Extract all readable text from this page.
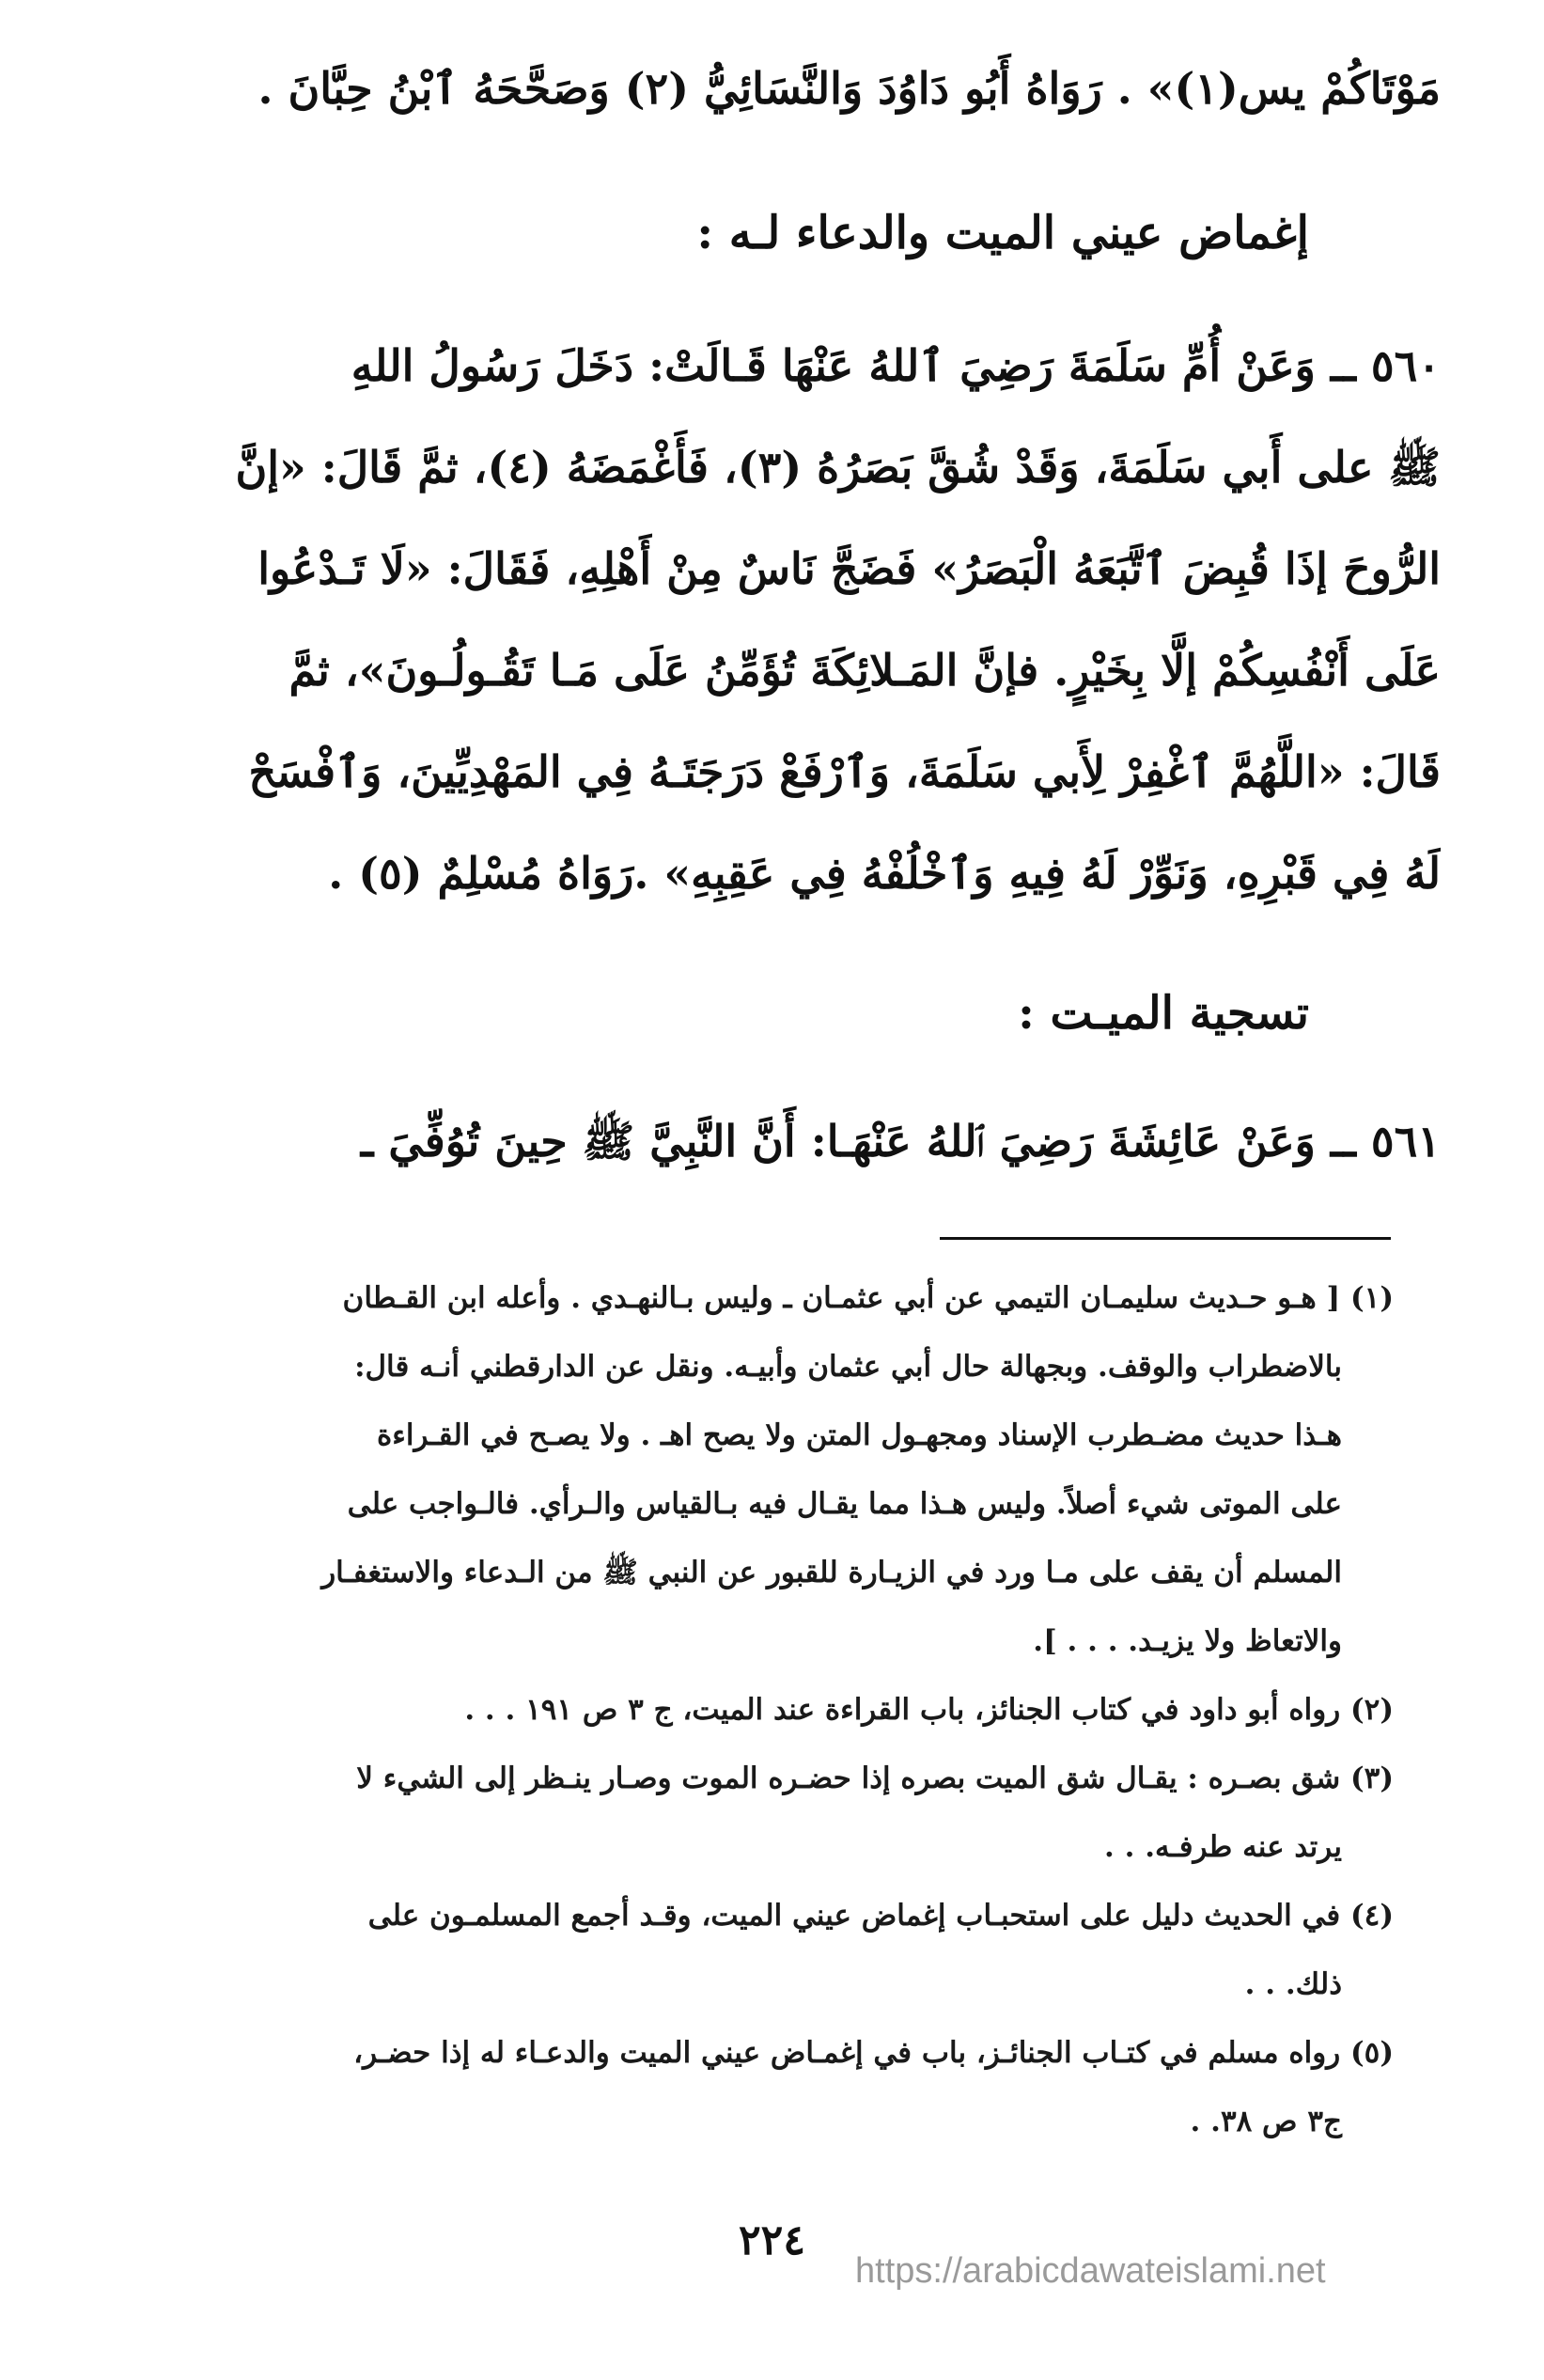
مَوْتَاكُمْ يس(١)» . رَوَاهُ أَبُو دَاوُدَ وَالنَّسَائِيُّ (٢) وَصَحَّحَهُ ٱبْنُ حِبَّانَ .
إغماض عيني الميت والدعاء لـه :
٥٦٠ ــ وَعَنْ أُمِّ سَلَمَةَ رَضِيَ ٱللهُ عَنْهَا قَـالَتْ: دَخَلَ رَسُولُ اللهِ
ﷺ على أَبي سَلَمَةَ، وَقَدْ شُقَّ بَصَرُهُ (٣)، فَأَغْمَضَهُ (٤)، ثمَّ قَالَ: «إنَّ
الرُّوحَ إذَا قُبِضَ ٱتَّبَعَهُ الْبَصَرُ» فَضَجَّ نَاسٌ مِنْ أَهْلِهِ، فَقَالَ: «لَا تَـدْعُوا
عَلَى أَنْفُسِكُمْ إلَّا بِخَيْرٍ. فإنَّ المَـلائِكَةَ تُؤَمِّنُ عَلَى مَـا تَقُـولُـونَ»، ثمَّ
قَالَ: «اللَّهُمَّ ٱغْفِرْ لِأَبي سَلَمَةَ، وَٱرْفَعْ دَرَجَتَـهُ فِي المَهْدِيِّينَ، وَٱفْسَحْ
لَهُ فِي قَبْرِهِ، وَنَوِّرْ لَهُ فِيهِ وَٱخْلُفْهُ فِي عَقِبِهِ» .رَوَاهُ مُسْلِمٌ (٥) .
تسجية الميـت :
٥٦١ ــ وَعَنْ عَائِشَةَ رَضِيَ ٱللهُ عَنْهَـا: أَنَّ النَّبِيَّ ﷺ حِينَ تُوُفِّيَ ـ
(١) [ هـو حـديث سليمـان التيمي عن أبي عثمـان ـ وليس بـالنهـدي . وأعله ابن القـطان
بالاضطراب والوقف. وبجهالة حال أبي عثمان وأبيـه. ونقل عن الدارقطني أنـه قال:
هـذا حديث مضـطرب الإسناد ومجهـول المتن ولا يصح اهـ . ولا يصـح في القـراءة
على الموتى شيء أصلاً. وليس هـذا مما يقـال فيه بـالقياس والـرأي. فالـواجب على
المسلم أن يقف على مـا ورد في الزيـارة للقبور عن النبي ﷺ من الـدعاء والاستغفـار
والاتعاظ ولا يزيـد. . . . ].
(٢) رواه أبو داود في كتاب الجنائز، باب القراءة عند الميت، ج ٣ ص ١٩١ . . .
(٣) شق بصـره : يقـال شق الميت بصره إذا حضـره الموت وصـار ينـظر إلى الشيء لا
يرتد عنه طرفـه. . .
(٤) في الحديث دليل على استحبـاب إغماض عيني الميت، وقـد أجمع المسلمـون على
ذلك. . .
(٥) رواه مسلم في كتـاب الجنائـز، باب في إغمـاض عيني الميت والدعـاء له إذا حضـر،
ج٣ ص ٣٨. .
٢٢٤
https://arabicdawateislami.net
